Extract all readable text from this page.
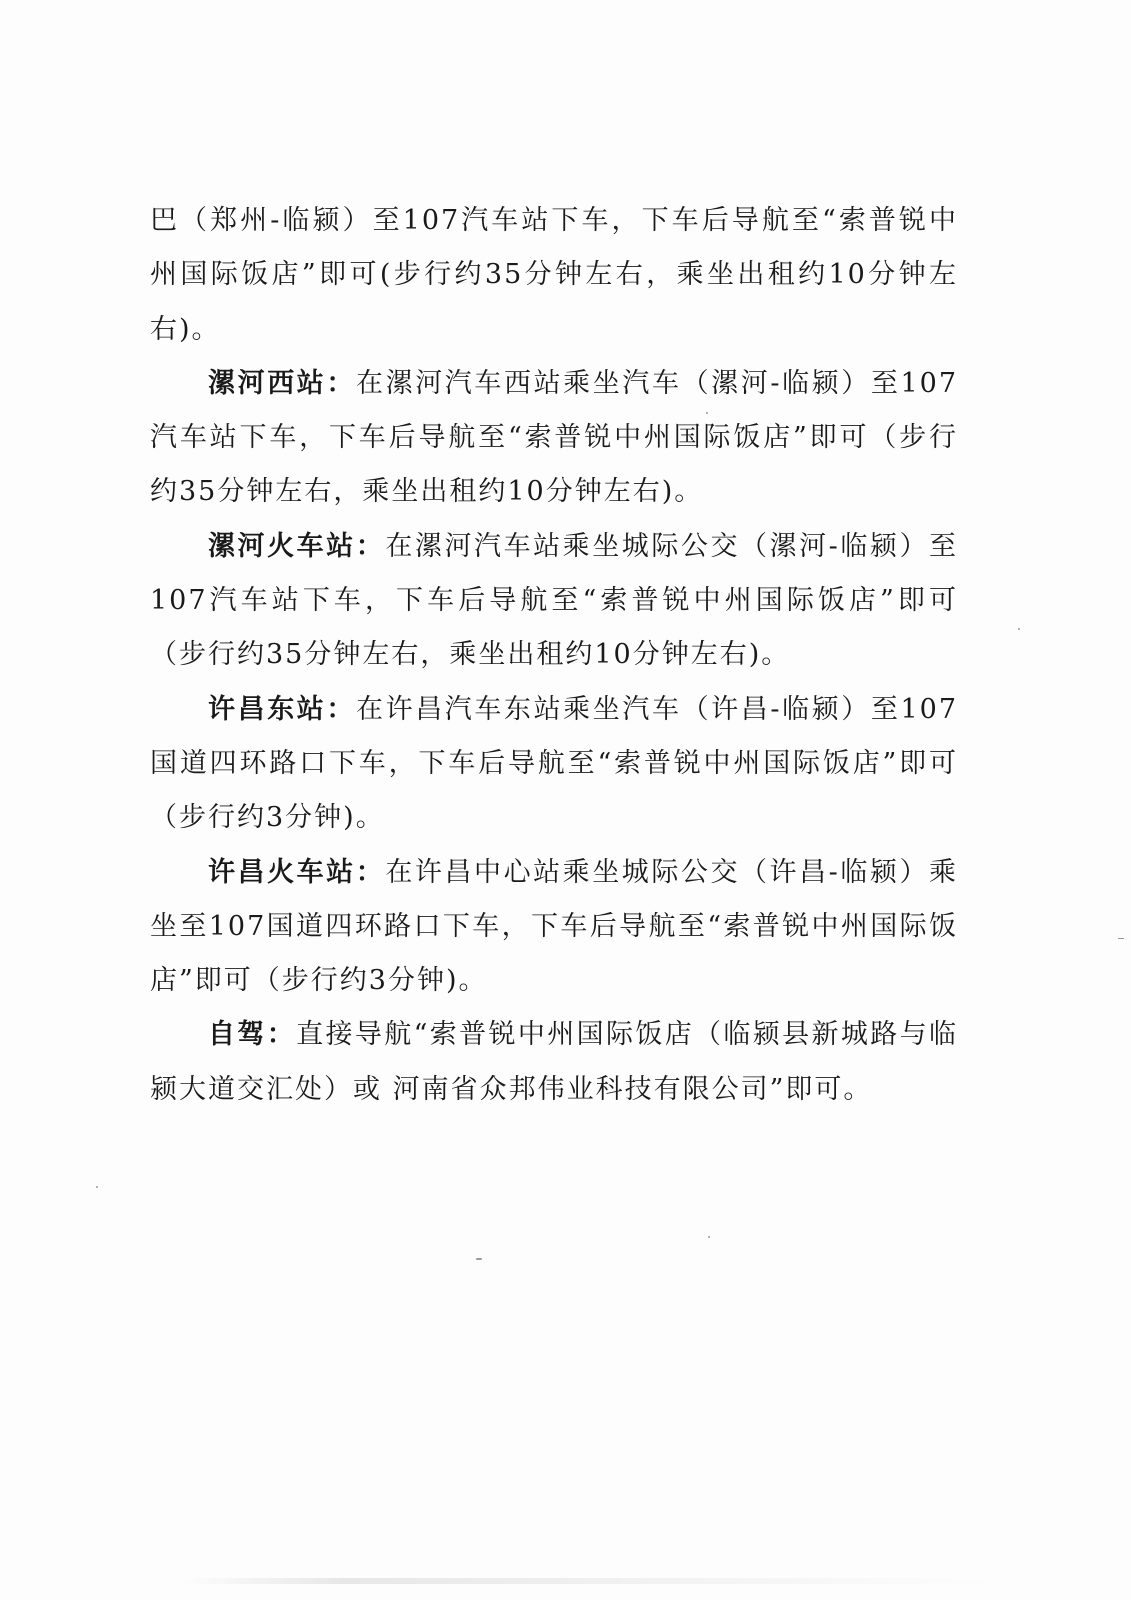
巴（郑州-临颍）至107汽车站下车，下车后导航至“索普锐中州国际饭店”即可(步行约35分钟左右，乘坐出租约10分钟左右)。

漯河西站：在漯河汽车西站乘坐汽车（漯河-临颍）至107汽车站下车，下车后导航至“索普锐中州国际饭店”即可（步行约35分钟左右，乘坐出租约10分钟左右)。

漯河火车站：在漯河汽车站乘坐城际公交（漯河-临颍）至107汽车站下车，下车后导航至“索普锐中州国际饭店”即可（步行约35分钟左右，乘坐出租约10分钟左右)。

许昌东站：在许昌汽车东站乘坐汽车（许昌-临颍）至107国道四环路口下车，下车后导航至“索普锐中州国际饭店”即可（步行约3分钟)。

许昌火车站：在许昌中心站乘坐城际公交（许昌-临颍）乘坐至107国道四环路口下车，下车后导航至“索普锐中州国际饭店”即可（步行约3分钟)。

自驾：直接导航“索普锐中州国际饭店（临颍县新城路与临颍大道交汇处）或 河南省众邦伟业科技有限公司”即可。
